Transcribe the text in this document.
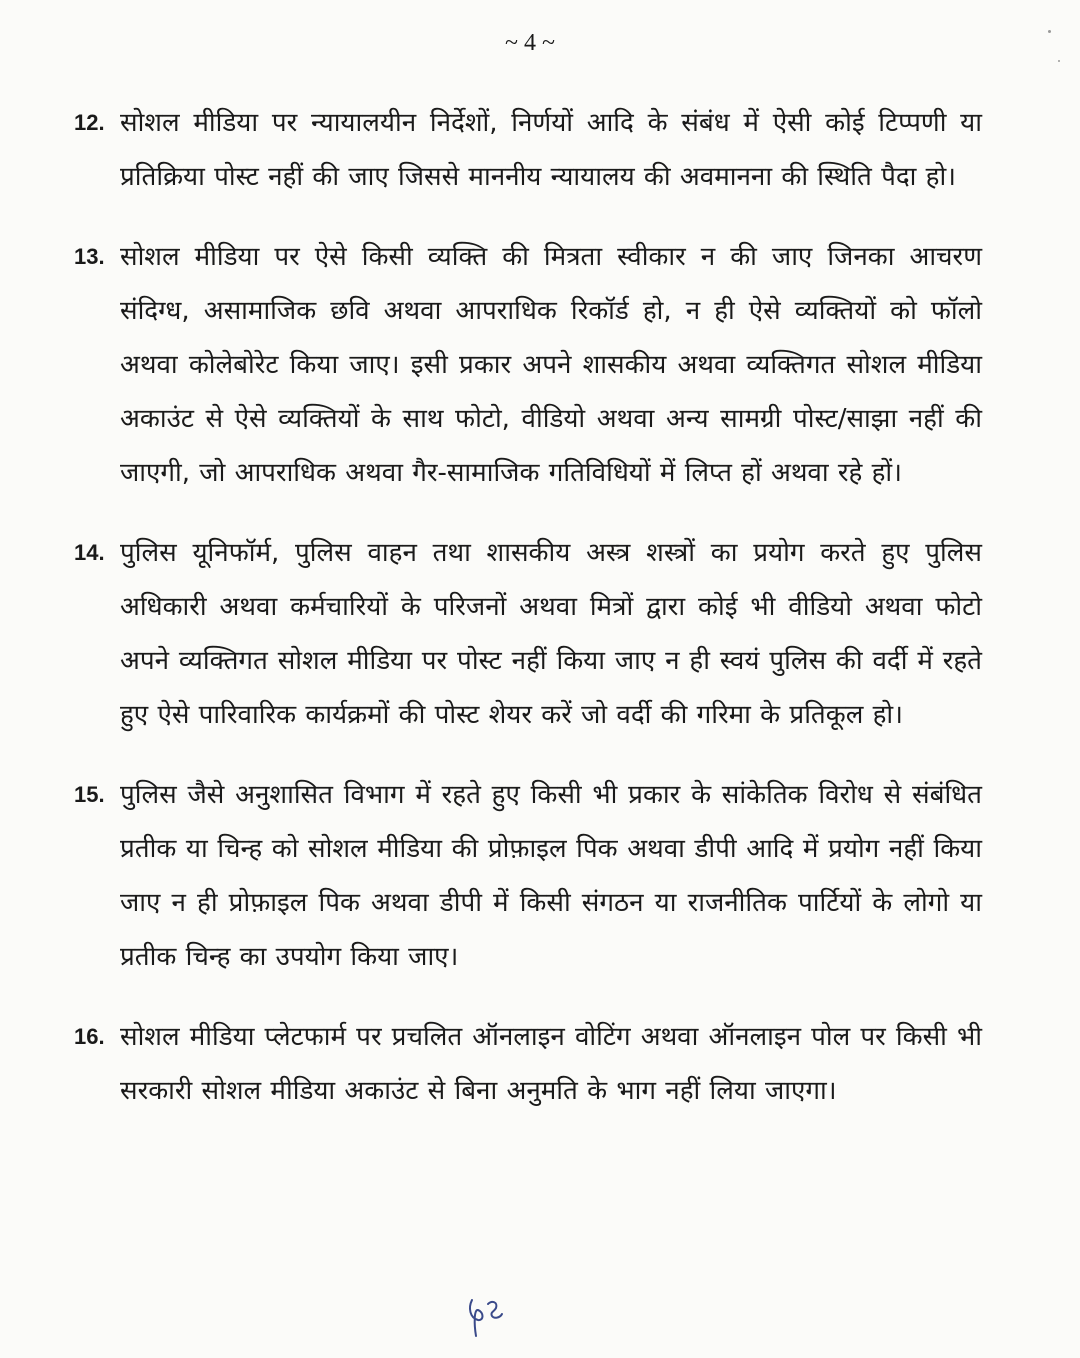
~ 4 ~
12. सोशल मीडिया पर न्यायालयीन निर्देशों, निर्णयों आदि के संबंध में ऐसी कोई टिप्पणी या प्रतिक्रिया पोस्ट नहीं की जाए जिससे माननीय न्यायालय की अवमानना की स्थिति पैदा हो।
13. सोशल मीडिया पर ऐसे किसी व्यक्ति की मित्रता स्वीकार न की जाए जिनका आचरण संदिग्ध, असामाजिक छवि अथवा आपराधिक रिकॉर्ड हो, न ही ऐसे व्यक्तियों को फॉलो अथवा कोलेबोरेट किया जाए। इसी प्रकार अपने शासकीय अथवा व्यक्तिगत सोशल मीडिया अकाउंट से ऐसे व्यक्तियों के साथ फोटो, वीडियो अथवा अन्य सामग्री पोस्ट/साझा नहीं की जाएगी, जो आपराधिक अथवा गैर-सामाजिक गतिविधियों में लिप्त हों अथवा रहे हों।
14. पुलिस यूनिफॉर्म, पुलिस वाहन तथा शासकीय अस्त्र शस्त्रों का प्रयोग करते हुए पुलिस अधिकारी अथवा कर्मचारियों के परिजनों अथवा मित्रों द्वारा कोई भी वीडियो अथवा फोटो अपने व्यक्तिगत सोशल मीडिया पर पोस्ट नहीं किया जाए न ही स्वयं पुलिस की वर्दी में रहते हुए ऐसे पारिवारिक कार्यक्रमों की पोस्ट शेयर करें जो वर्दी की गरिमा के प्रतिकूल हो।
15. पुलिस जैसे अनुशासित विभाग में रहते हुए किसी भी प्रकार के सांकेतिक विरोध से संबंधित प्रतीक या चिन्ह को सोशल मीडिया की प्रोफ़ाइल पिक अथवा डीपी आदि में प्रयोग नहीं किया जाए न ही प्रोफ़ाइल पिक अथवा डीपी में किसी संगठन या राजनीतिक पार्टियों के लोगो या प्रतीक चिन्ह का उपयोग किया जाए।
16. सोशल मीडिया प्लेटफार्म पर प्रचलित ऑनलाइन वोटिंग अथवा ऑनलाइन पोल पर किसी भी सरकारी सोशल मीडिया अकाउंट से बिना अनुमति के भाग नहीं लिया जाएगा।
